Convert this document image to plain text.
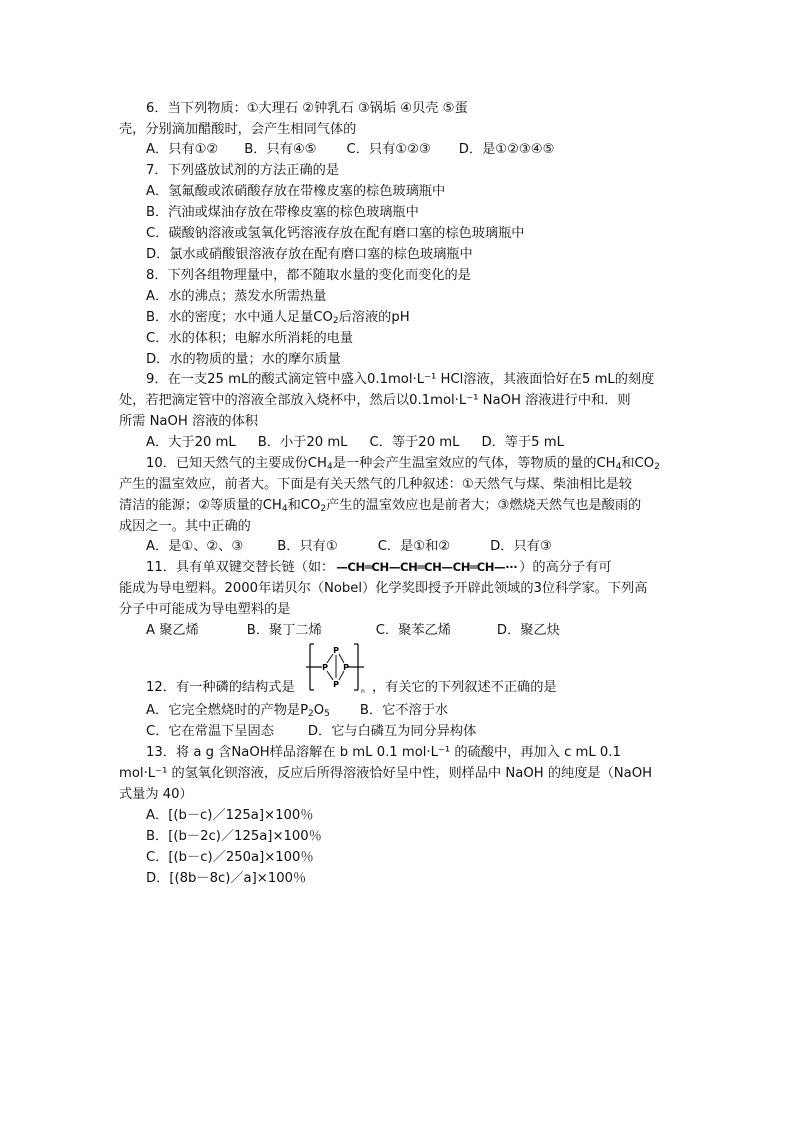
6．当下列物质：①大理石 ②钟乳石 ③锅垢 ④贝壳 ⑤蛋
壳，分别滴加醋酸时，会产生相同气体的
A．只有①② B．只有④⑤ C．只有①②③ D．是①②③④⑤
7．下列盛放试剂的方法正确的是
A．氢氟酸或浓硝酸存放在带橡皮塞的棕色玻璃瓶中
B．汽油或煤油存放在带橡皮塞的棕色玻璃瓶中
C．碳酸钠溶液或氢氧化钙溶液存放在配有磨口塞的棕色玻璃瓶中
D．氯水或硝酸银溶液存放在配有磨口塞的棕色玻璃瓶中
8．下列各组物理量中，都不随取水量的变化而变化的是
A．水的沸点；蒸发水所需热量
B．水的密度；水中通人足量$CO_2$后溶液的pH
C．水的体积；电解水所消耗的电量
D．水的物质的量；水的摩尔质量
9．在一支25 mL的酸式滴定管中盛入0.1mol·L⁻¹ HCl溶液，其液面恰好在5 mL的刻度
处，若把滴定管中的溶液全部放入烧杯中，然后以0.1mol·L⁻¹ NaOH 溶液进行中和．则
所需 NaOH 溶液的体积
A．大于20 mL B．小于20 mL C．等于20 mL D．等于5 mL
10．已知天然气的主要成份$CH_4$是一种会产生温室效应的气体，等物质的量的$CH_4$和$CO_2$
产生的温室效应，前者大。下面是有关天然气的几种叙述：①天然气与煤、柴油相比是较
清洁的能源；②等质量的$CH_4$和$CO_2$产生的温室效应也是前者大；③燃烧天然气也是酸雨的
成因之一。其中正确的
A．是①、②、③	B．只有①	C．是①和②	D．只有③
11．具有单双键交替长链（如： —CH═CH—CH═CH—CH═CH—··· ）的高分子有可
能成为导电塑料。2000年诺贝尔（Nobel）化学奖即授予开辟此领域的3位科学家。下列高
分子中可能成为导电塑料的是
A 聚乙烯	B．聚丁二烯	C．聚苯乙烯	D．聚乙炔
P
P P
P
n
12．有一种磷的结构式是	，有关它的下列叙述不正确的是
A．它完全燃烧时的产物是$P_2O_5$ B．它不溶于水
C．它在常温下呈固态	D．它与白磷互为同分异构体
13．将 a g 含NaOH样品溶解在 b mL 0.1 mol·L⁻¹ 的硫酸中，再加入 c mL 0.1
mol·L⁻¹ 的氢氧化钡溶液，反应后所得溶液恰好呈中性，则样品中 NaOH 的纯度是（NaOH
式量为 40）
A．[(b－c)／125a]×100％
B．[(b－2c)／125a]×100％
C．[(b－c)／250a]×100％
D．[(8b－8c)／a]×100％
